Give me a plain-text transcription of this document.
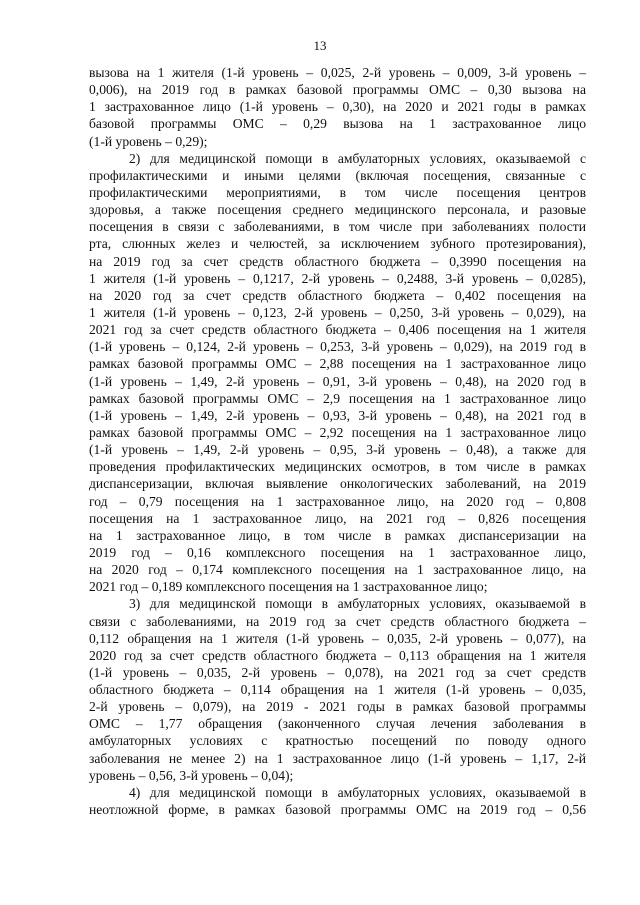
13
вызова на 1 жителя (1-й уровень – 0,025, 2-й уровень – 0,009, 3-й уровень –
0,006), на 2019 год в рамках базовой программы ОМС – 0,30 вызова на
1 застрахованное лицо (1-й уровень – 0,30), на 2020 и 2021 годы в рамках
базовой программы ОМС – 0,29 вызова на 1 застрахованное лицо
(1-й уровень – 0,29);
2) для медицинской помощи в амбулаторных условиях, оказываемой с
профилактическими и иными целями (включая посещения, связанные с
профилактическими мероприятиями, в том числе посещения центров
здоровья, а также посещения среднего медицинского персонала, и разовые
посещения в связи с заболеваниями, в том числе при заболеваниях полости
рта, слюнных желез и челюстей, за исключением зубного протезирования),
на 2019 год за счет средств областного бюджета – 0,3990 посещения на
1 жителя (1-й уровень – 0,1217, 2-й уровень – 0,2488, 3-й уровень – 0,0285),
на 2020 год за счет средств областного бюджета – 0,402 посещения на
1 жителя (1-й уровень – 0,123, 2-й уровень – 0,250, 3-й уровень – 0,029), на
2021 год за счет средств областного бюджета – 0,406 посещения на 1 жителя
(1-й уровень – 0,124, 2-й уровень – 0,253, 3-й уровень – 0,029), на 2019 год в
рамках базовой программы ОМС – 2,88 посещения на 1 застрахованное лицо
(1-й уровень – 1,49, 2-й уровень – 0,91, 3-й уровень – 0,48), на 2020 год в
рамках базовой программы ОМС – 2,9 посещения на 1 застрахованное лицо
(1-й уровень – 1,49, 2-й уровень – 0,93, 3-й уровень – 0,48), на 2021 год в
рамках базовой программы ОМС – 2,92 посещения на 1 застрахованное лицо
(1-й уровень – 1,49, 2-й уровень – 0,95, 3-й уровень – 0,48), а также для
проведения профилактических медицинских осмотров, в том числе в рамках
диспансеризации, включая выявление онкологических заболеваний, на 2019
год – 0,79 посещения на 1 застрахованное лицо, на 2020 год – 0,808
посещения на 1 застрахованное лицо, на 2021 год – 0,826 посещения
на 1 застрахованное лицо, в том числе в рамках диспансеризации на
2019 год – 0,16 комплексного посещения на 1 застрахованное лицо,
на 2020 год – 0,174 комплексного посещения на 1 застрахованное лицо, на
2021 год – 0,189 комплексного посещения на 1 застрахованное лицо;
3) для медицинской помощи в амбулаторных условиях, оказываемой в
связи с заболеваниями, на 2019 год за счет средств областного бюджета –
0,112 обращения на 1 жителя (1-й уровень – 0,035, 2-й уровень – 0,077), на
2020 год за счет средств областного бюджета – 0,113 обращения на 1 жителя
(1-й уровень – 0,035, 2-й уровень – 0,078), на 2021 год за счет средств
областного бюджета – 0,114 обращения на 1 жителя (1-й уровень – 0,035,
2-й уровень – 0,079), на 2019 - 2021 годы в рамках базовой программы
ОМС – 1,77 обращения (законченного случая лечения заболевания в
амбулаторных условиях с кратностью посещений по поводу одного
заболевания не менее 2) на 1 застрахованное лицо (1-й уровень – 1,17, 2-й
уровень – 0,56, 3-й уровень – 0,04);
4) для медицинской помощи в амбулаторных условиях, оказываемой в
неотложной форме, в рамках базовой программы ОМС на 2019 год – 0,56
